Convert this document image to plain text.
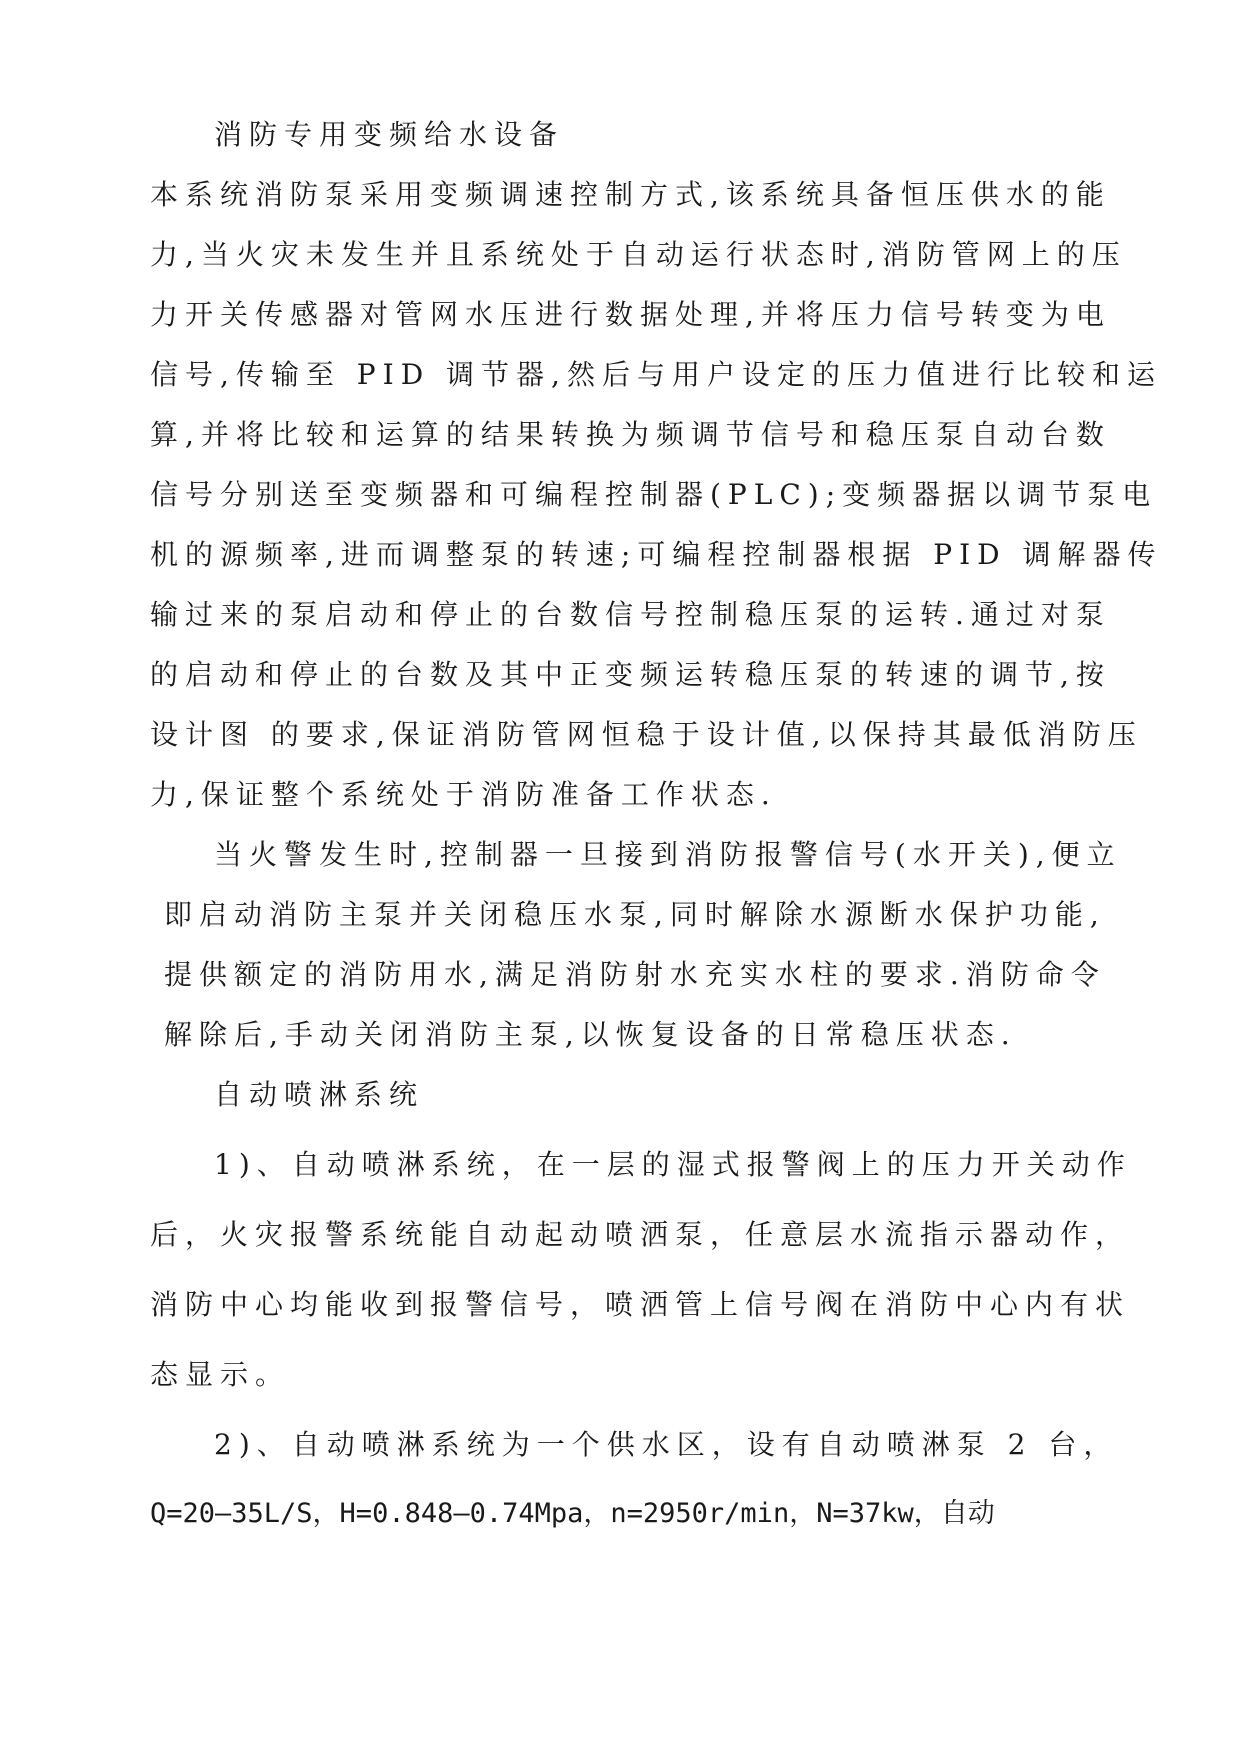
消防专用变频给水设备

本系统消防泵采用变频调速控制方式,该系统具备恒压供水的能

力,当火灾未发生并且系统处于自动运行状态时,消防管网上的压

力开关传感器对管网水压进行数据处理,并将压力信号转变为电

信号,传输至 PID 调节器,然后与用户设定的压力值进行比较和运

算,并将比较和运算的结果转换为频调节信号和稳压泵自动台数

信号分别送至变频器和可编程控制器(PLC);变频器据以调节泵电

机的源频率,进而调整泵的转速;可编程控制器根据 PID 调解器传

输过来的泵启动和停止的台数信号控制稳压泵的运转.通过对泵

的启动和停止的台数及其中正变频运转稳压泵的转速的调节,按

设计图 的要求,保证消防管网恒稳于设计值,以保持其最低消防压

力,保证整个系统处于消防准备工作状态.

当火警发生时,控制器一旦接到消防报警信号(水开关),便立

即启动消防主泵并关闭稳压水泵,同时解除水源断水保护功能,

提供额定的消防用水,满足消防射水充实水柱的要求.消防命令

解除后,手动关闭消防主泵,以恢复设备的日常稳压状态.

自动喷淋系统

1)、自动喷淋系统，在一层的湿式报警阀上的压力开关动作

后，火灾报警系统能自动起动喷洒泵，任意层水流指示器动作，

消防中心均能收到报警信号，喷洒管上信号阀在消防中心内有状

态显示。

2)、自动喷淋系统为一个供水区，设有自动喷淋泵 2 台，

Q=20—35L/S，H=0.848—0.74Mpa，n=2950r/min，N=37kw，自动
